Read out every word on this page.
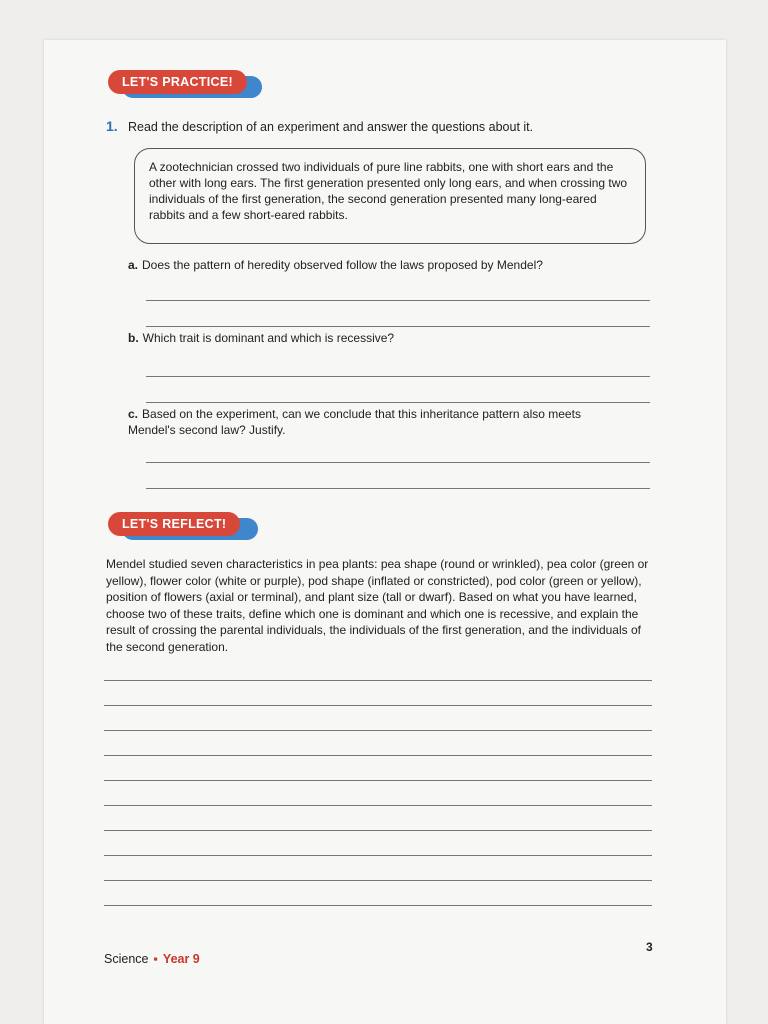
LET'S PRACTICE!
1. Read the description of an experiment and answer the questions about it.
A zootechnician crossed two individuals of pure line rabbits, one with short ears and the other with long ears. The first generation presented only long ears, and when crossing two individuals of the first generation, the second generation presented many long-eared rabbits and a few short-eared rabbits.
a. Does the pattern of heredity observed follow the laws proposed by Mendel?
b. Which trait is dominant and which is recessive?
c. Based on the experiment, can we conclude that this inheritance pattern also meets Mendel's second law? Justify.
LET'S REFLECT!
Mendel studied seven characteristics in pea plants: pea shape (round or wrinkled), pea color (green or yellow), flower color (white or purple), pod shape (inflated or constricted), pod color (green or yellow), position of flowers (axial or terminal), and plant size (tall or dwarf). Based on what you have learned, choose two of these traits, define which one is dominant and which one is recessive, and explain the result of crossing the parental individuals, the individuals of the first generation, and the individuals of the second generation.
Science ▪ Year 9
3
